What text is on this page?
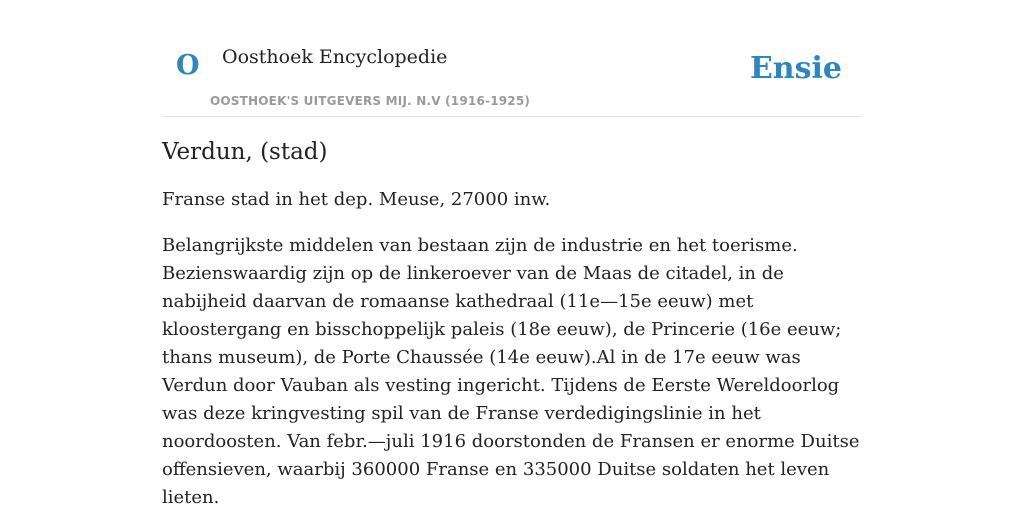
O Oosthoek Encyclopedie
OOSTHOEK'S UITGEVERS MIJ. N.V (1916-1925)
Ensie
Verdun, (stad)

Franse stad in het dep. Meuse, 27000 inw.

Belangrijkste middelen van bestaan zijn de industrie en het toerisme. Bezienswaardig zijn op de linkeroever van de Maas de citadel, in de nabijheid daarvan de romaanse kathedraal (11e—15e eeuw) met kloostergang en bisschoppelijk paleis (18e eeuw), de Princerie (16e eeuw; thans museum), de Porte Chaussée (14e eeuw).Al in de 17e eeuw was Verdun door Vauban als vesting ingericht. Tijdens de Eerste Wereldoorlog was deze kringvesting spil van de Franse verdedigingslinie in het noordoosten. Van febr.—juli 1916 doorstonden de Fransen er enorme Duitse offensieven, waarbij 360000 Franse en 335000 Duitse soldaten het leven lieten.
